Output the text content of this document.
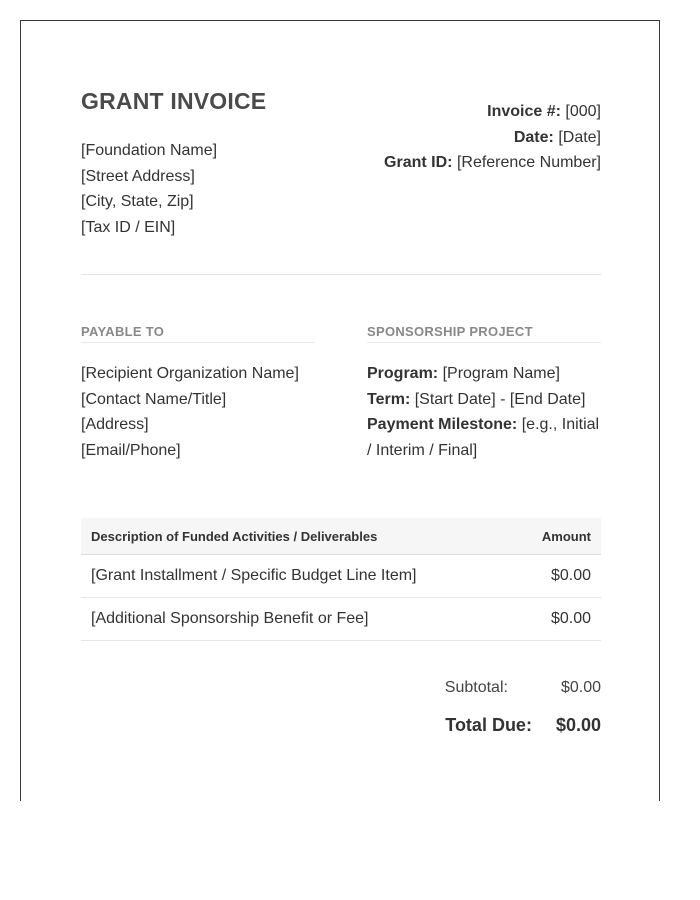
GRANT INVOICE
[Foundation Name]
[Street Address]
[City, State, Zip]
[Tax ID / EIN]
Invoice #: [000]
Date: [Date]
Grant ID: [Reference Number]
PAYABLE TO
[Recipient Organization Name]
[Contact Name/Title]
[Address]
[Email/Phone]
SPONSORSHIP PROJECT
Program: [Program Name]
Term: [Start Date] - [End Date]
Payment Milestone: [e.g., Initial / Interim / Final]
Description of Funded Activities / Deliverables	Amount
[Grant Installment / Specific Budget Line Item]	$0.00
[Additional Sponsorship Benefit or Fee]	$0.00
Subtotal:	$0.00
Total Due: $0.00
